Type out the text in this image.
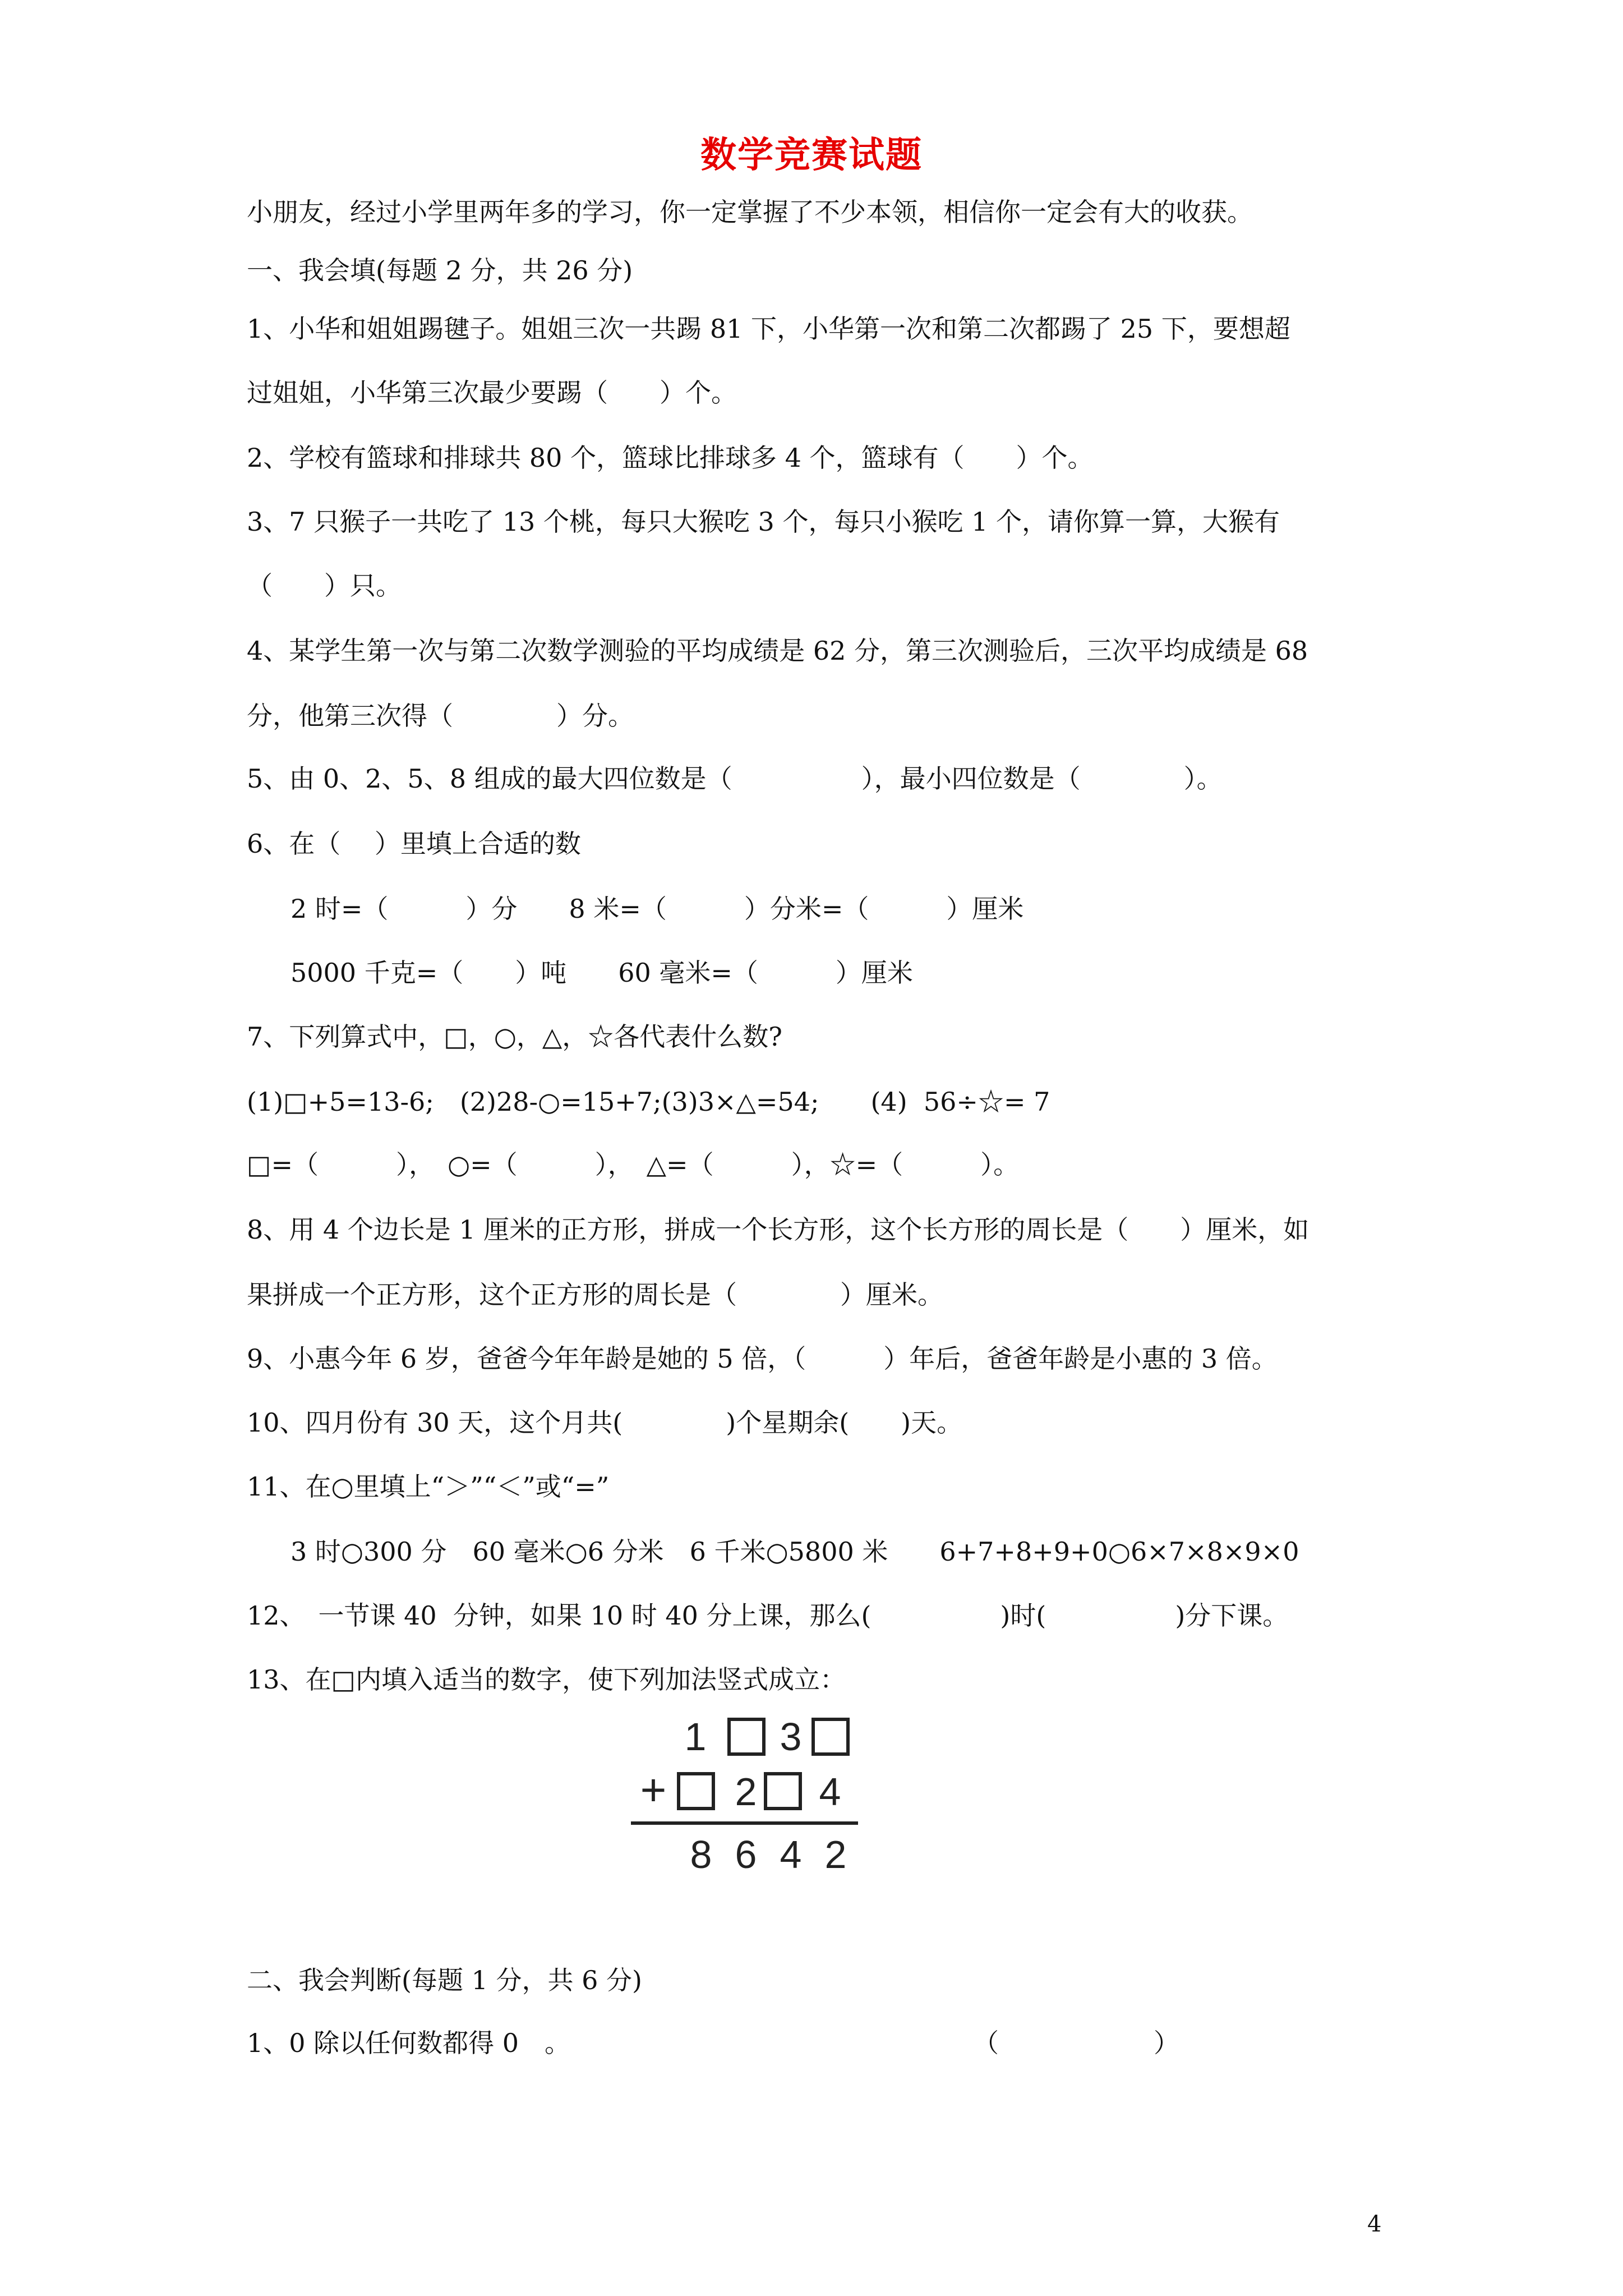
数学竞赛试题
小朋友，经过小学里两年多的学习，你一定掌握了不少本领，相信你一定会有大的收获。
一、我会填(每题 2 分，共 26 分)
1、小华和姐姐踢毽子。姐姐三次一共踢 81 下，小华第一次和第二次都踢了 25 下，要想超
过姐姐，小华第三次最少要踢（　　）个。
2、学校有篮球和排球共 80 个，篮球比排球多 4 个，篮球有（　　）个。
3、7 只猴子一共吃了 13 个桃，每只大猴吃 3 个，每只小猴吃 1 个，请你算一算，大猴有
（　　）只。
4、某学生第一次与第二次数学测验的平均成绩是 62 分，第三次测验后，三次平均成绩是 68
分，他第三次得（　　　　）分。
5、由 0、2、5、8 组成的最大四位数是（　　　　　），最小四位数是（　　　　）。
6、在（　 ）里填上合适的数
2 时=（　　　）分　　8 米=（　　　）分米=（　　　）厘米
5000 千克=（　　）吨　　60 毫米=（　　　）厘米
7、下列算式中，□，○，△，☆各代表什么数?
(1)□+5=13-6;　(2)28-○=15+7;(3)3×△=54;　　(4)  56÷☆= 7
□=（　　　），　○=（　　　），　△=（　　　），☆=（　　　）。
8、用 4 个边长是 1 厘米的正方形，拼成一个长方形，这个长方形的周长是（　　）厘米，如
果拼成一个正方形，这个正方形的周长是（　　　　）厘米。
9、小惠今年 6 岁，爸爸今年年龄是她的 5 倍，（　　　）年后，爸爸年龄是小惠的 3 倍。
10、四月份有 30 天，这个月共(　　　　)个星期余(　　)天。
11、在○里填上“＞”“＜”或“=”
3 时○300 分　60 毫米○6 分米　6 千米○5800 米　　6+7+8+9+0○6×7×8×9×0
12、　一节课 40  分钟，如果 10 时 40 分上课，那么(　　　　　)时(　　　　　)分下课。
13、在□内填入适当的数字，使下列加法竖式成立：
1 3
+ 2 4
8 6 4 2
二、我会判断(每题 1 分，共 6 分)
1、0 除以任何数都得 0　。	（　　　　　　）
4
